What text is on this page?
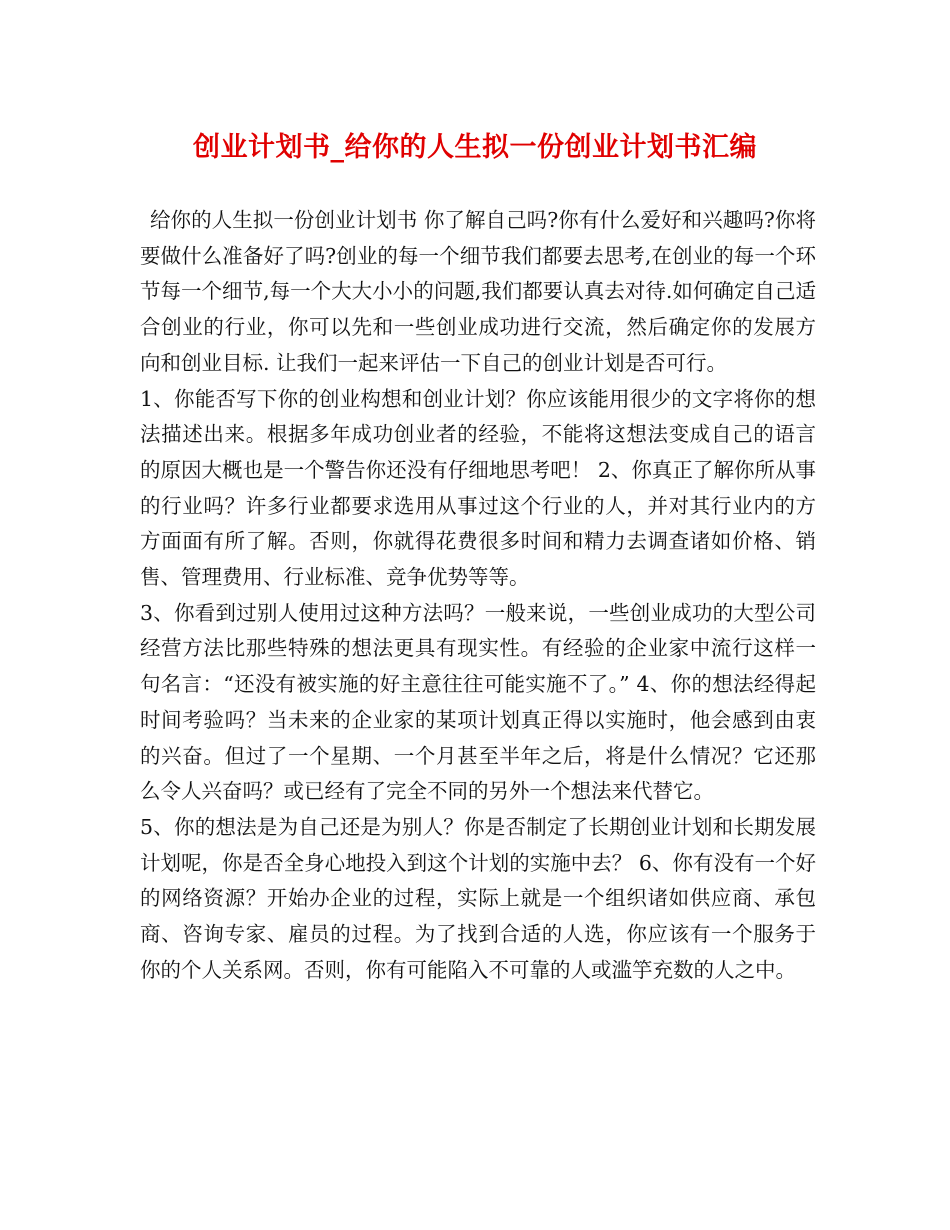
创业计划书_给你的人生拟一份创业计划书汇编

给你的人生拟一份创业计划书 你了解自己吗?你有什么爱好和兴趣吗?你将要做什么准备好了吗?创业的每一个细节我们都要去思考,在创业的每一个环节每一个细节,每一个大大小小的问题,我们都要认真去对待.如何确定自己适合创业的行业，你可以先和一些创业成功进行交流，然后确定你的发展方向和创业目标. 让我们一起来评估一下自己的创业计划是否可行。

1、你能否写下你的创业构想和创业计划？你应该能用很少的文字将你的想法描述出来。根据多年成功创业者的经验，不能将这想法变成自己的语言的原因大概也是一个警告你还没有仔细地思考吧！ 2、你真正了解你所从事的行业吗？许多行业都要求选用从事过这个行业的人，并对其行业内的方方面面有所了解。否则，你就得花费很多时间和精力去调查诸如价格、销售、管理费用、行业标准、竞争优势等等。

3、你看到过别人使用过这种方法吗？一般来说，一些创业成功的大型公司经营方法比那些特殊的想法更具有现实性。有经验的企业家中流行这样一句名言：“还没有被实施的好主意往往可能实施不了。” 4、你的想法经得起时间考验吗？当未来的企业家的某项计划真正得以实施时，他会感到由衷的兴奋。但过了一个星期、一个月甚至半年之后，将是什么情况？它还那么令人兴奋吗？或已经有了完全不同的另外一个想法来代替它。

5、你的想法是为自己还是为别人？你是否制定了长期创业计划和长期发展计划呢，你是否全身心地投入到这个计划的实施中去？ 6、你有没有一个好的网络资源？开始办企业的过程，实际上就是一个组织诸如供应商、承包商、咨询专家、雇员的过程。为了找到合适的人选，你应该有一个服务于你的个人关系网。否则，你有可能陷入不可靠的人或滥竽充数的人之中。
